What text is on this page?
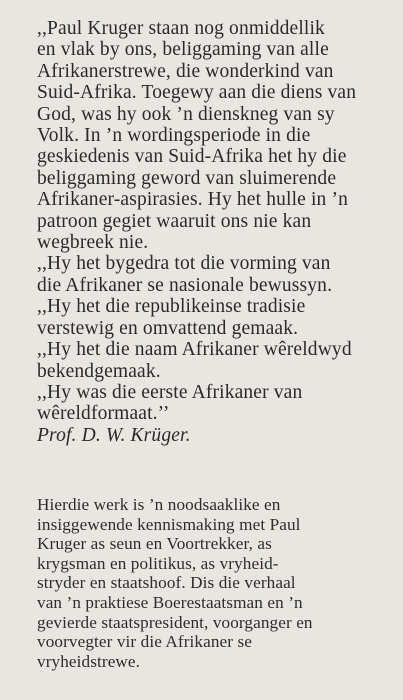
,,Paul Kruger staan nog onmiddellik
en vlak by ons, beliggaming van alle
Afrikanerstrewe, die wonderkind van
Suid-Afrika. Toegewy aan die diens van
God, was hy ook ’n dienskneg van sy
Volk. In ’n wordingsperiode in die
geskiedenis van Suid-Afrika het hy die
beliggaming geword van sluimerende
Afrikaner-aspirasies. Hy het hulle in ’n
patroon gegiet waaruit ons nie kan
wegbreek nie.
,,Hy het bygedra tot die vorming van
die Afrikaner se nasionale bewussyn.
,,Hy het die republikeinse tradisie
verstewig en omvattend gemaak.
,,Hy het die naam Afrikaner wêreldwyd
bekendgemaak.
,,Hy was die eerste Afrikaner van
wêreldformaat.’’
Prof. D. W. Krüger.
Hierdie werk is ’n noodsaaklike en
insiggewende kennismaking met Paul
Kruger as seun en Voortrekker, as
krygsman en politikus, as vryheid-
stryder en staatshoof. Dis die verhaal
van ’n praktiese Boerestaatsman en ’n
gevierde staatspresident, voorganger en
voorvegter vir die Afrikaner se
vryheidstrewe.
